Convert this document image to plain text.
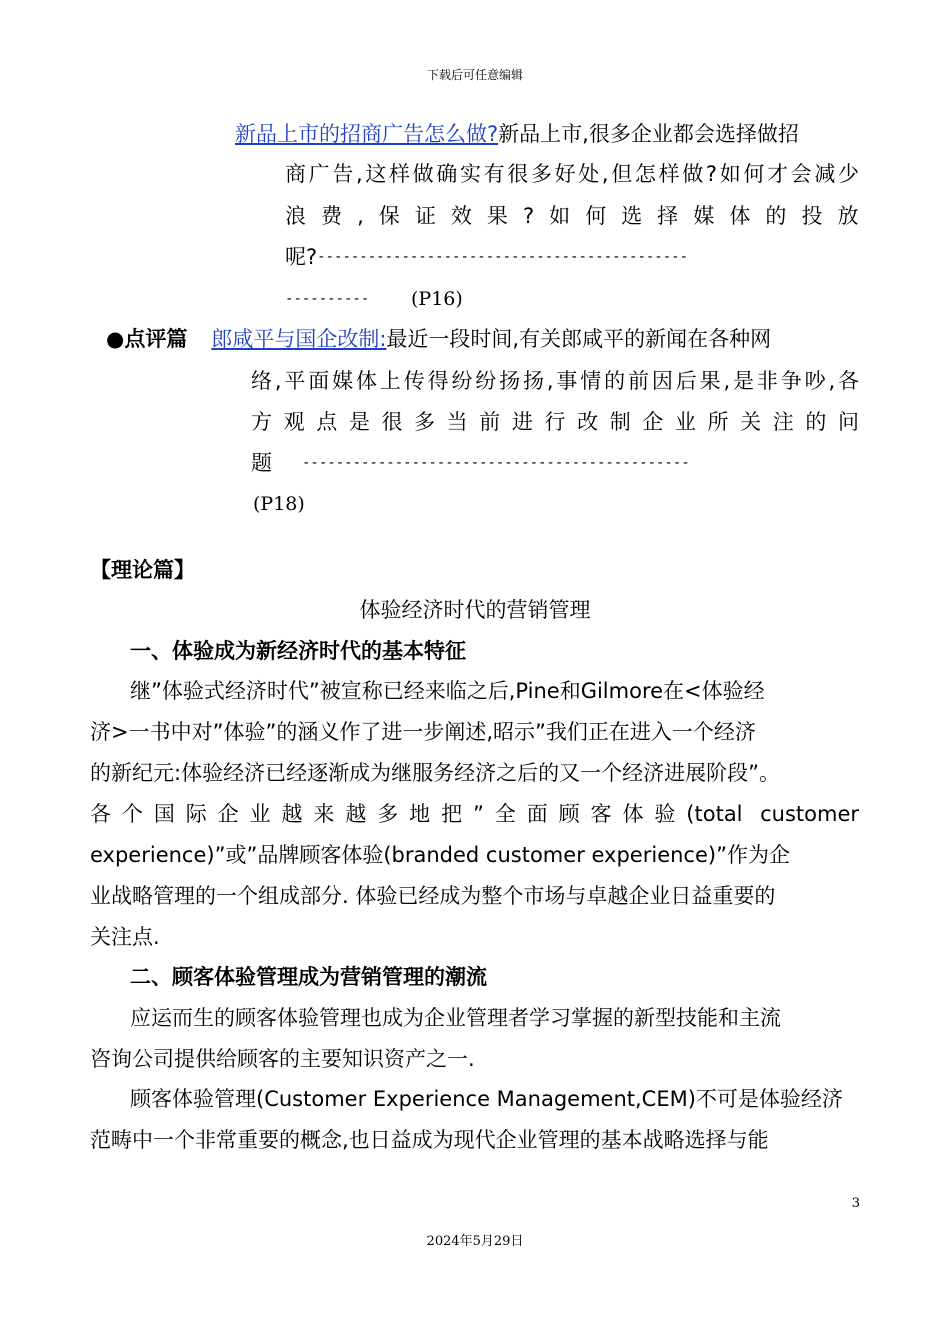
下载后可任意编辑
新品上市的招商广告怎么做?新品上市,很多企业都会选择做招
商广告,这样做确实有很多好处,但怎样做?如何才会减少
浪费,保证效果?如何选择媒体的投放
呢?--------------------------------------------
---------- (P16)
●点评篇 郎咸平与国企改制:最近一段时间,有关郎咸平的新闻在各种网
络,平面媒体上传得纷纷扬扬,事情的前因后果,是非争吵,各
方观点是很多当前进行改制企业所关注的问
题 ----------------------------------------------
(P18)
【理论篇】
体验经济时代的营销管理
一、体验成为新经济时代的基本特征
继”体验式经济时代”被宣称已经来临之后,Pine和Gilmore在<体验经
济>一书中对”体验”的涵义作了进一步阐述,昭示”我们正在进入一个经济
的新纪元:体验经济已经逐渐成为继服务经济之后的又一个经济进展阶段”。
各个国际企业越来越多地把”全面顾客体验(total customer
experience)”或”品牌顾客体验(branded customer experience)”作为企
业战略管理的一个组成部分. 体验已经成为整个市场与卓越企业日益重要的
关注点.
二、顾客体验管理成为营销管理的潮流
应运而生的顾客体验管理也成为企业管理者学习掌握的新型技能和主流
咨询公司提供给顾客的主要知识资产之一.
顾客体验管理(Customer Experience Management,CEM)不可是体验经济
范畴中一个非常重要的概念,也日益成为现代企业管理的基本战略选择与能
3
2024年5月29日
